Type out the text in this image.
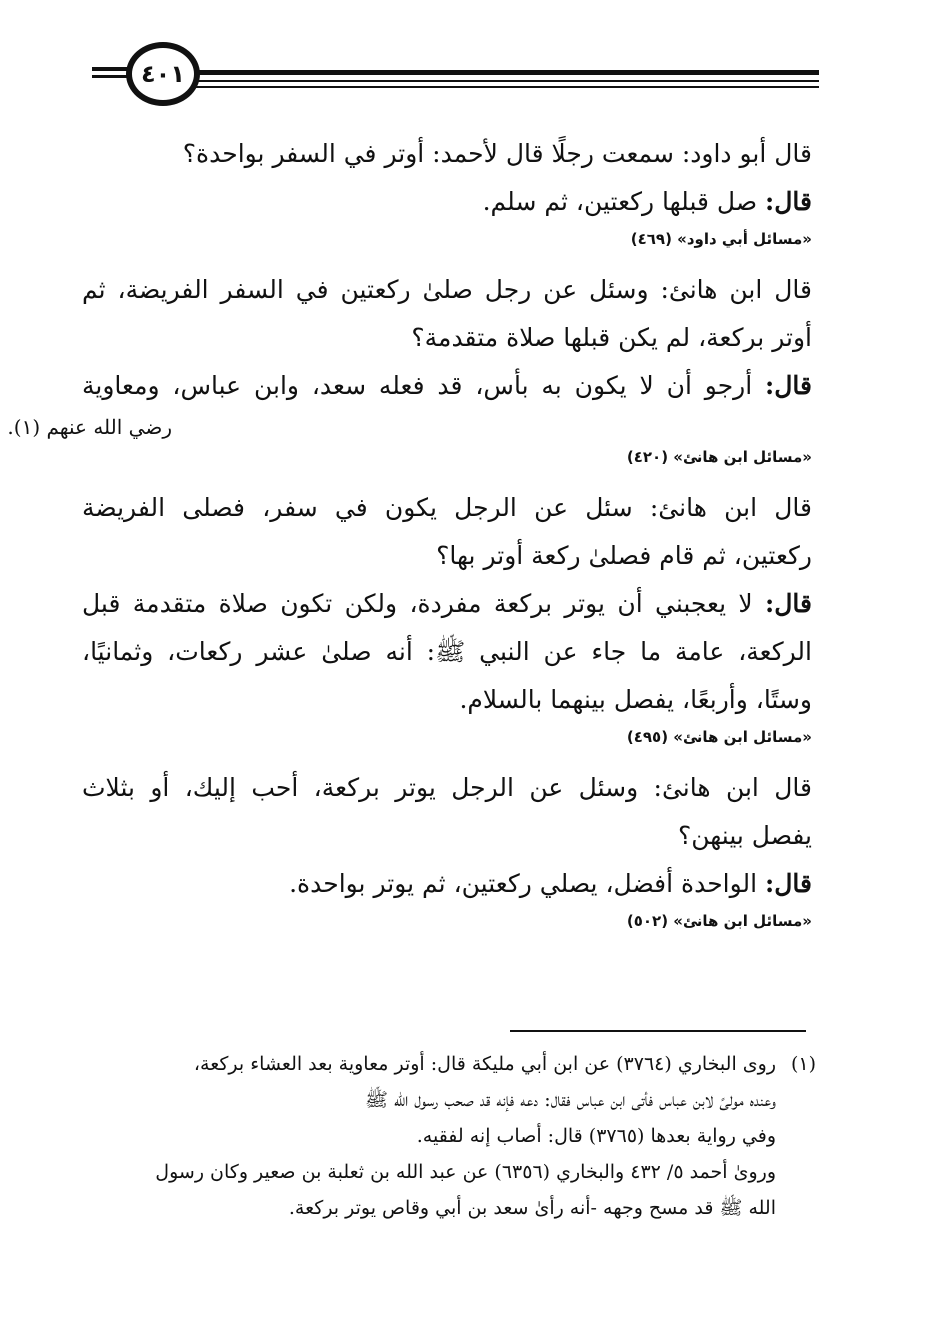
٤٠١
قال أبو داود: سمعت رجلًا قال لأحمد: أوتر في السفر بواحدة؟
قال: صل قبلها ركعتين، ثم سلم.
«مسائل أبي داود» (٤٦٩)
قال ابن هانئ: وسئل عن رجل صلىٰ ركعتين في السفر الفريضة، ثم
أوتر بركعة، لم يكن قبلها صلاة متقدمة؟
قال: أرجو أن لا يكون به بأس، قد فعله سعد، وابن عباس، ومعاوية
رضي الله عنهم (١).
«مسائل ابن هانئ» (٤٢٠)
قال ابن هانئ: سئل عن الرجل يكون في سفر، فصلى الفريضة
ركعتين، ثم قام فصلىٰ ركعة أوتر بها؟
قال: لا يعجبني أن يوتر بركعة مفردة، ولكن تكون صلاة متقدمة قبل
الركعة، عامة ما جاء عن النبي ﷺ: أنه صلىٰ عشر ركعات، وثمانيًا،
وستًا، وأربعًا، يفصل بينهما بالسلام.
«مسائل ابن هانئ» (٤٩٥)
قال ابن هانئ: وسئل عن الرجل يوتر بركعة، أحب إليك، أو بثلاث
يفصل بينهن؟
قال: الواحدة أفضل، يصلي ركعتين، ثم يوتر بواحدة.
«مسائل ابن هانئ» (٥٠٢)
(١)روى البخاري (٣٧٦٤) عن ابن أبي مليكة قال: أوتر معاوية بعد العشاء بركعة،
وعنده مولىً لابن عباس فأتى ابن عباس فقال: دعه فإنه قد صحب رسول الله ﷺ
وفي رواية بعدها (٣٧٦٥) قال: أصاب إنه لفقيه.
وروىٰ أحمد ٥/ ٤٣٢ والبخاري (٦٣٥٦) عن عبد الله بن ثعلبة بن صعير وكان رسول
الله ﷺ قد مسح وجهه -أنه رأىٰ سعد بن أبي وقاص يوتر بركعة.
